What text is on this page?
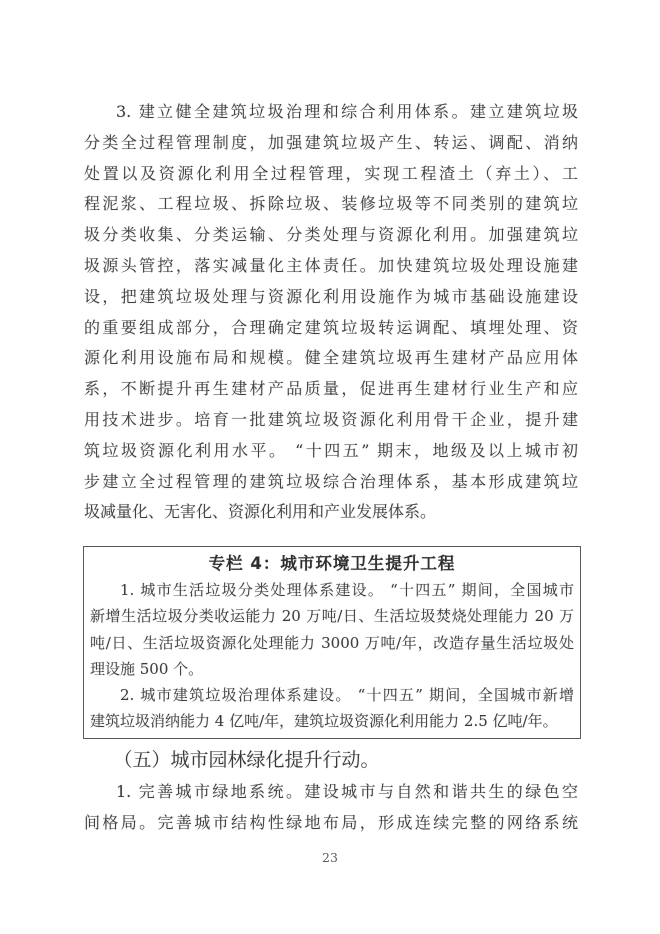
3. 建立健全建筑垃圾治理和综合利用体系。建立建筑垃圾
分类全过程管理制度，加强建筑垃圾产生、转运、调配、消纳
处置以及资源化利用全过程管理，实现工程渣土（弃土）、工
程泥浆、工程垃圾、拆除垃圾、装修垃圾等不同类别的建筑垃
圾分类收集、分类运输、分类处理与资源化利用。加强建筑垃
圾源头管控，落实减量化主体责任。加快建筑垃圾处理设施建
设，把建筑垃圾处理与资源化利用设施作为城市基础设施建设
的重要组成部分，合理确定建筑垃圾转运调配、填埋处理、资
源化利用设施布局和规模。健全建筑垃圾再生建材产品应用体
系，不断提升再生建材产品质量，促进再生建材行业生产和应
用技术进步。培育一批建筑垃圾资源化利用骨干企业，提升建
筑垃圾资源化利用水平。 “十四五” 期末，地级及以上城市初
步建立全过程管理的建筑垃圾综合治理体系，基本形成建筑垃
圾减量化、无害化、资源化利用和产业发展体系。
专栏 4：城市环境卫生提升工程
1. 城市生活垃圾分类处理体系建设。 “十四五” 期间，全国城市
新增生活垃圾分类收运能力 20 万吨/日、生活垃圾焚烧处理能力 20 万
吨/日、生活垃圾资源化处理能力 3000 万吨/年，改造存量生活垃圾处
理设施 500 个。
2. 城市建筑垃圾治理体系建设。 “十四五” 期间，全国城市新增
建筑垃圾消纳能力 4 亿吨/年，建筑垃圾资源化利用能力 2.5 亿吨/年。
（五）城市园林绿化提升行动。
1. 完善城市绿地系统。建设城市与自然和谐共生的绿色空
间格局。完善城市结构性绿地布局，形成连续完整的网络系统
23
